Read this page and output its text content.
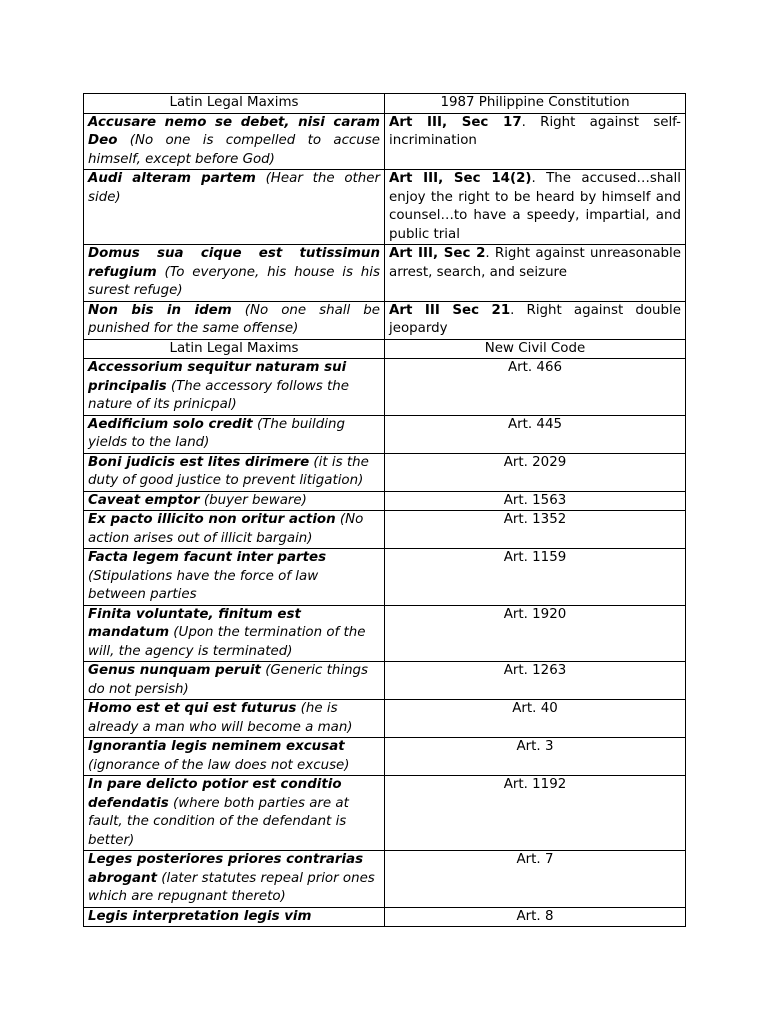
Latin Legal Maxims	1987 Philippine Constitution
Accusare nemo se debet, nisi caram Deo (No one is compelled to accuse himself, except before God)	Art III, Sec 17. Right against self-incrimination
Audi alteram partem (Hear the other side)	Art III, Sec 14(2). The accused…shall enjoy the right to be heard by himself and counsel…to have a speedy, impartial, and public trial
Domus sua cique est tutissimun refugium (To everyone, his house is his surest refuge)	Art III, Sec 2. Right against unreasonable arrest, search, and seizure
Non bis in idem (No one shall be punished for the same offense)	Art III Sec 21. Right against double jeopardy
Latin Legal Maxims	New Civil Code
Accessorium sequitur naturam sui principalis (The accessory follows the nature of its prinicpal)	Art. 466
Aedificium solo credit (The building yields to the land)	Art. 445
Boni judicis est lites dirimere (it is the duty of good justice to prevent litigation)	Art. 2029
Caveat emptor (buyer beware)	Art. 1563
Ex pacto illicito non oritur action (No action arises out of illicit bargain)	Art. 1352
Facta legem facunt inter partes (Stipulations have the force of law between parties	Art. 1159
Finita voluntate, finitum est mandatum (Upon the termination of the will, the agency is terminated)	Art. 1920
Genus nunquam peruit (Generic things do not persish)	Art. 1263
Homo est et qui est futurus (he is already a man who will become a man)	Art. 40
Ignorantia legis neminem excusat (ignorance of the law does not excuse)	Art. 3
In pare delicto potior est conditio defendatis (where both parties are at fault, the condition of the defendant is better)	Art. 1192
Leges posteriores priores contrarias abrogant (later statutes repeal prior ones which are repugnant thereto)	Art. 7
Legis interpretation legis vim	Art. 8
